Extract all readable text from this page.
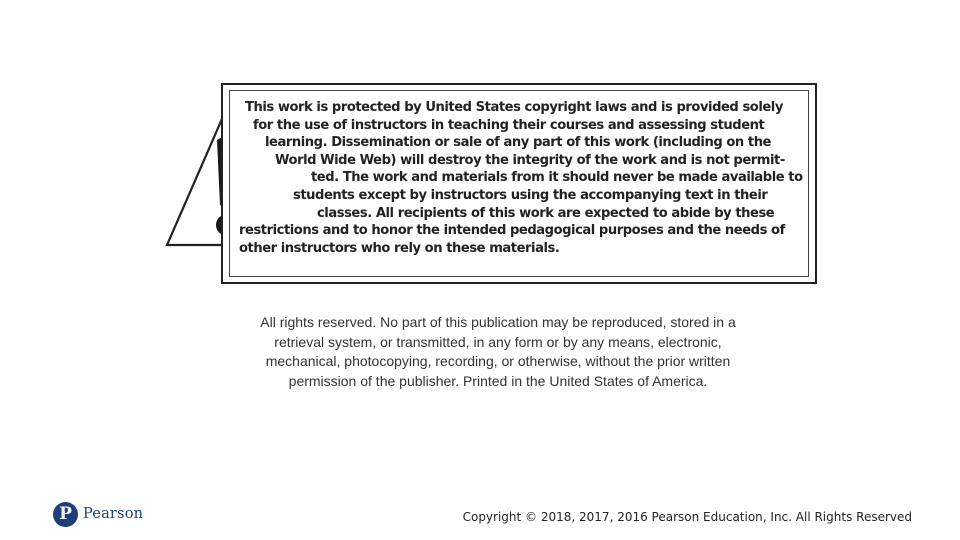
This work is protected by United States copyright laws and is provided solely
for the use of instructors in teaching their courses and assessing student
learning. Dissemination or sale of any part of this work (including on the
World Wide Web) will destroy the integrity of the work and is not permit-
ted. The work and materials from it should never be made available to
students except by instructors using the accompanying text in their
classes. All recipients of this work are expected to abide by these
restrictions and to honor the intended pedagogical purposes and the needs of
other instructors who rely on these materials.
All rights reserved. No part of this publication may be reproduced, stored in a
retrieval system, or transmitted, in any form or by any means, electronic,
mechanical, photocopying, recording, or otherwise, without the prior written
permission of the publisher. Printed in the United States of America.
P Pearson	Copyright © 2018, 2017, 2016 Pearson Education, Inc. All Rights Reserved
